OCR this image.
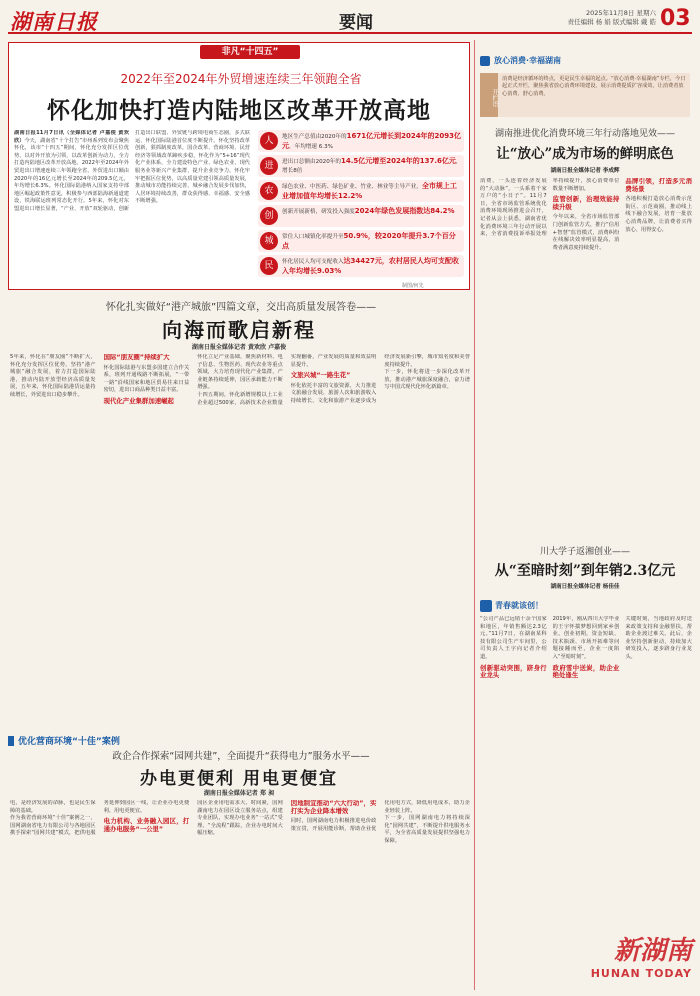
湖南日报	要闻	2025年11月8日 星期六
责任编辑 杨 娟 版式编辑 戴 皓 03
非凡“十四五”
2022年至2024年外贸增速连续三年领跑全省
怀化加快打造内陆地区改革开放高地
湖南日报11月7日讯（全媒体记者 卢嘉俊 黄欢欣）今天，湖南省“十个打告”市州系列发布会聚焦怀化，该市“十四五”期间，怀化充分发挥区位优势，以对外开放为引领，以改革创新为动力，全力打造内陆地区改革开放高地。2022年至2024年外贸进出口增速连续三年领跑全省，外贸进出口额由2020年的16亿元增长至2024年的209.5亿元，年均增长6.3%。怀化国际陆港纳入国家支持中部地区崛起政策性意见，积极参与西部陆海新通道建设，铁海联运班列常态化开行。5年来，怀化对东盟进出口增长显著，“产业、开放”双轮驱动，创新打造出口联盟、外贸链与跨境电商生态圈，多式联运、怀化国际陆港首位度不断提升。怀化坚持改革创新，狠抓制度改革，国企改革、营商环境、民营经济等领域改革蹄疾步稳，怀化作为“5+16”现代化产业体系，全力建设特色产业、绿色农业、现代服务业等新兴产业集群，提升企业竞争力。怀化牢牢把握区位优势，以高质量党建引领高质量发展，推动城市功能持续完善，城乡融合发展步伐加快，人居环境持续改善，群众获得感、幸福感、安全感不断增强。
人	地区生产总值由2020年的1671亿元增长到2024年的2093亿元，年均增速 6.3%
进	进出口总额由2020年的14.5亿元增至2024年的137.6亿元，增长8倍
农	绿色农业、中医药、绿色矿业、竹业、林业等主导产业，全市规上工业增加值年均增长12.2%
创	创新开展新格，研发投入强度2024年绿色发展指数达84.2%
城	常住人口城镇化率提升至50.9%，较2020年提升3.7个百分点
民	怀化居民人均可支配收入达34427元，农村居民人均可支配收入年均增长9.03%
制图/何先
怀化扎实做好“港产城旅”四篇文章，交出高质量发展答卷——
向海而歌启新程
湖南日报全媒体记者 黄欢欣 卢嘉俊

5年来，怀化在“朋友圈”不断扩大，怀化充分发挥区位优势，坚持“港产城旅”融合发展，着力打造国际陆港，推动内陆开放型经济高质量发展，五年来，怀化国际陆港货运量持续增长，外贸进出口稳步攀升。

国际“朋友圈”持续扩大

怀化国际陆港与东盟多国建立合作关系，班列开通线路不断拓展，“一带一路”沿线国家和地区贸易往来日益密切，进出口商品种类日益丰富。

现代化产业集群加速崛起

怀化立足产业基础，聚焦新材料、电子信息、生物医药、现代农业等重点领域，大力培育现代化产业集群，产业链条持续延伸，园区承载能力不断增强。

十四五期间，怀化新增规模以上工业企业超过500家，高新技术企业数量实现翻番，产业发展的质量和效益明显提升。

文旅兴城“一路生花”

怀化依托丰富的文旅资源，大力推进文旅融合发展，旅游人次和旅游收入持续增长，文化和旅游产业逐步成为经济发展新引擎，城市知名度和美誉度持续提升。

下一步，怀化将进一步深化改革开放，推动港产城旅深度融合，奋力谱写中国式现代化怀化新篇章。

优化营商环境“十佳”案例
政企合作探索“园网共建”，全面提升“获得电力”服务水平——
办电更便利 用电更便宜
湖南日报全媒体记者 郑 昶

电，是经济发展的命脉，也是民生保障的基础。

作为我省营商环境“十佳”案例之一，国网湖南省电力有限公司与各地园区携手探索“园网共建”模式，把供电服务延伸到园区一线，让企业办电更便利、用电更便宜。

电力机构、业务融入园区，打通办电服务“一公里”

园区企业用电需求大、时间紧，国网湖南电力在园区设立服务站点，组建专业团队，实现办电业务“一站式”受理、“全流程”跟踪，企业办电时间大幅压缩。

因地制宜推动“六大行动”，实打实为企业降本增效

同时，国网湖南电力积极推进电价政策宣贯，开展用能诊断，帮助企业优化用电方式，降低用电成本，助力企业轻装上阵。

下一步，国网湖南电力将持续深化“园网共建”，不断提升供电服务水平，为全省高质量发展提供坚强电力保障。

放心消费·幸福湖南
开栏语
消费是经济循环的终点，更是民生幸福的起点。“放心消费·幸福湖南”专栏，今日起正式开栏，聚焦我省放心消费环境建设，展示消费提质扩容成效，让消费者放心消费、舒心消费。
湖南推进优化消费环境三年行动落地见效——
让“放心”成为市场的鲜明底色
湖南日报全媒体记者 李成辉

消费，一头连着经济发展的“大动脉”，一头系着千家万户的“小日子”。11月7日，全省市场监管系统优化消费环境现场推进会召开，记者从会上获悉，湖南省优化消费环境三年行动开展以来，全省消费投诉举报处理率持续提升，放心消费单位数量不断增加。

监管创新，治理效能持续升级

今年以来，全省市场监管部门创新监管方式，推行“信用+智慧”监管模式，消费纠纷在线解决效率明显提高，消费者满意度持续提升。

品牌引领，打造多元消费场景

各地积极打造放心消费示范街区、示范商圈，推动线上线下融合发展，培育一批放心消费品牌，让消费者买得放心、用得安心。

川大学子返湘创业——
从“至暗时刻”到年销2.3亿元
湖南日报全媒体记者 杨佳佳
青春就该创！

“公司产品已远销十余个国家和地区，年销售额达2.3亿元。”11月7日，在湖南某科技有限公司生产车间里，公司负责人王宇向记者介绍道。

创新驱动突围，跻身行业龙头

2019年，刚从四川大学毕业的王宇怀揣梦想回到家乡创业。创业初期，资金短缺、技术瓶颈、市场开拓难等问题接踵而至，企业一度陷入“至暗时刻”。

政府雪中送炭，助企业绝处逢生

关键时刻，当地政府及时送来政策支持和金融帮扶，帮助企业渡过难关。此后，企业坚持创新驱动，持续加大研发投入，逐步跻身行业龙头。

新湖南
HUNAN TODAY
